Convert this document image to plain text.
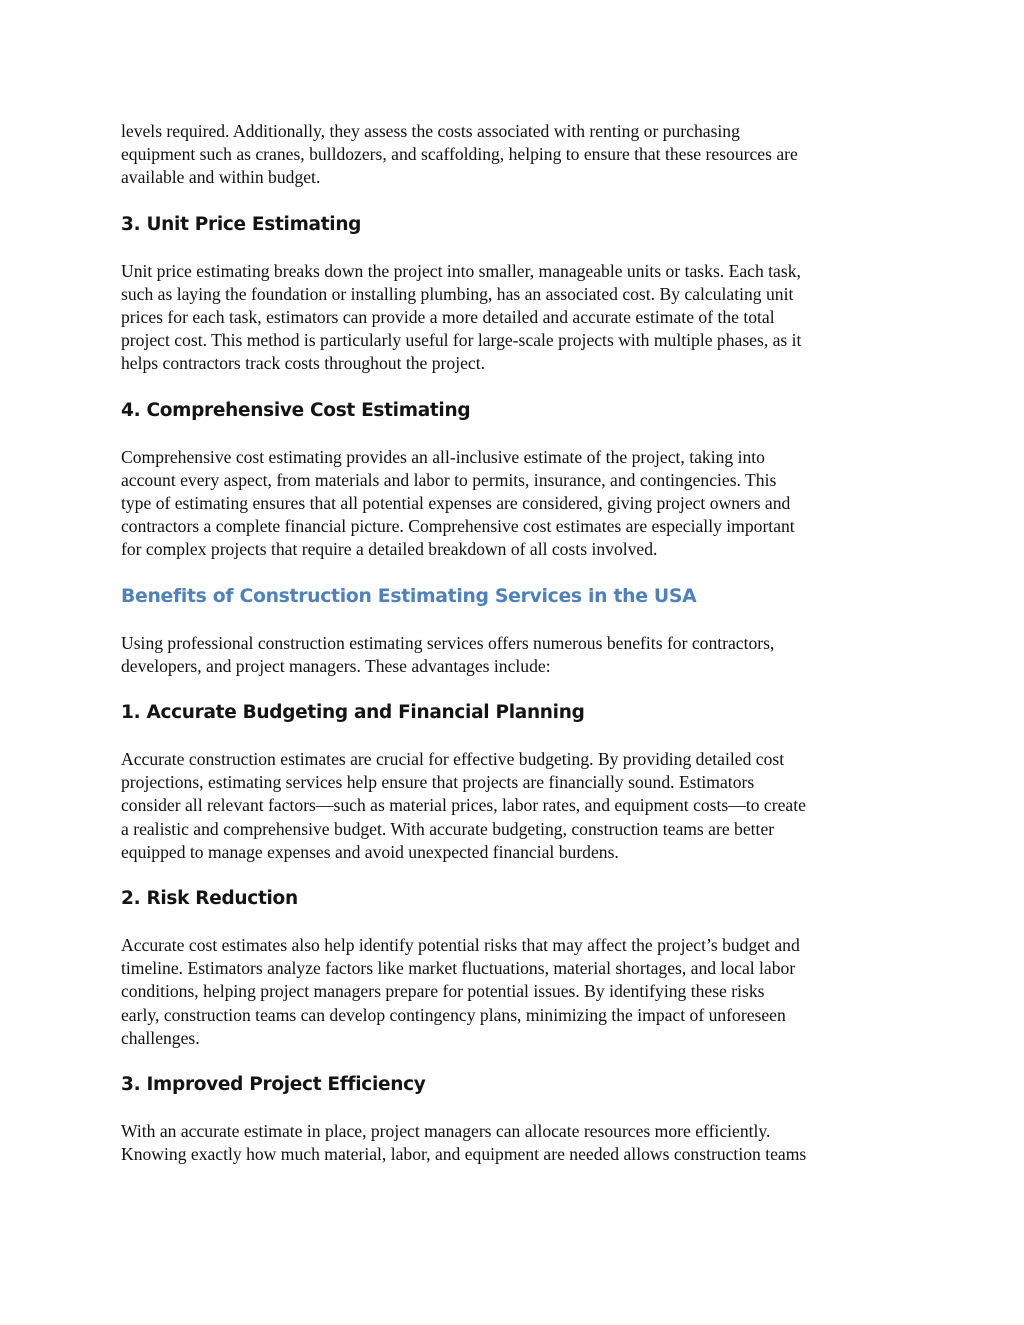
levels required. Additionally, they assess the costs associated with renting or purchasing
equipment such as cranes, bulldozers, and scaffolding, helping to ensure that these resources are
available and within budget.

3. Unit Price Estimating

Unit price estimating breaks down the project into smaller, manageable units or tasks. Each task,
such as laying the foundation or installing plumbing, has an associated cost. By calculating unit
prices for each task, estimators can provide a more detailed and accurate estimate of the total
project cost. This method is particularly useful for large-scale projects with multiple phases, as it
helps contractors track costs throughout the project.

4. Comprehensive Cost Estimating

Comprehensive cost estimating provides an all-inclusive estimate of the project, taking into
account every aspect, from materials and labor to permits, insurance, and contingencies. This
type of estimating ensures that all potential expenses are considered, giving project owners and
contractors a complete financial picture. Comprehensive cost estimates are especially important
for complex projects that require a detailed breakdown of all costs involved.

Benefits of Construction Estimating Services in the USA

Using professional construction estimating services offers numerous benefits for contractors,
developers, and project managers. These advantages include:

1. Accurate Budgeting and Financial Planning

Accurate construction estimates are crucial for effective budgeting. By providing detailed cost
projections, estimating services help ensure that projects are financially sound. Estimators
consider all relevant factors—such as material prices, labor rates, and equipment costs—to create
a realistic and comprehensive budget. With accurate budgeting, construction teams are better
equipped to manage expenses and avoid unexpected financial burdens.

2. Risk Reduction

Accurate cost estimates also help identify potential risks that may affect the project’s budget and
timeline. Estimators analyze factors like market fluctuations, material shortages, and local labor
conditions, helping project managers prepare for potential issues. By identifying these risks
early, construction teams can develop contingency plans, minimizing the impact of unforeseen
challenges.

3. Improved Project Efficiency

With an accurate estimate in place, project managers can allocate resources more efficiently.
Knowing exactly how much material, labor, and equipment are needed allows construction teams
